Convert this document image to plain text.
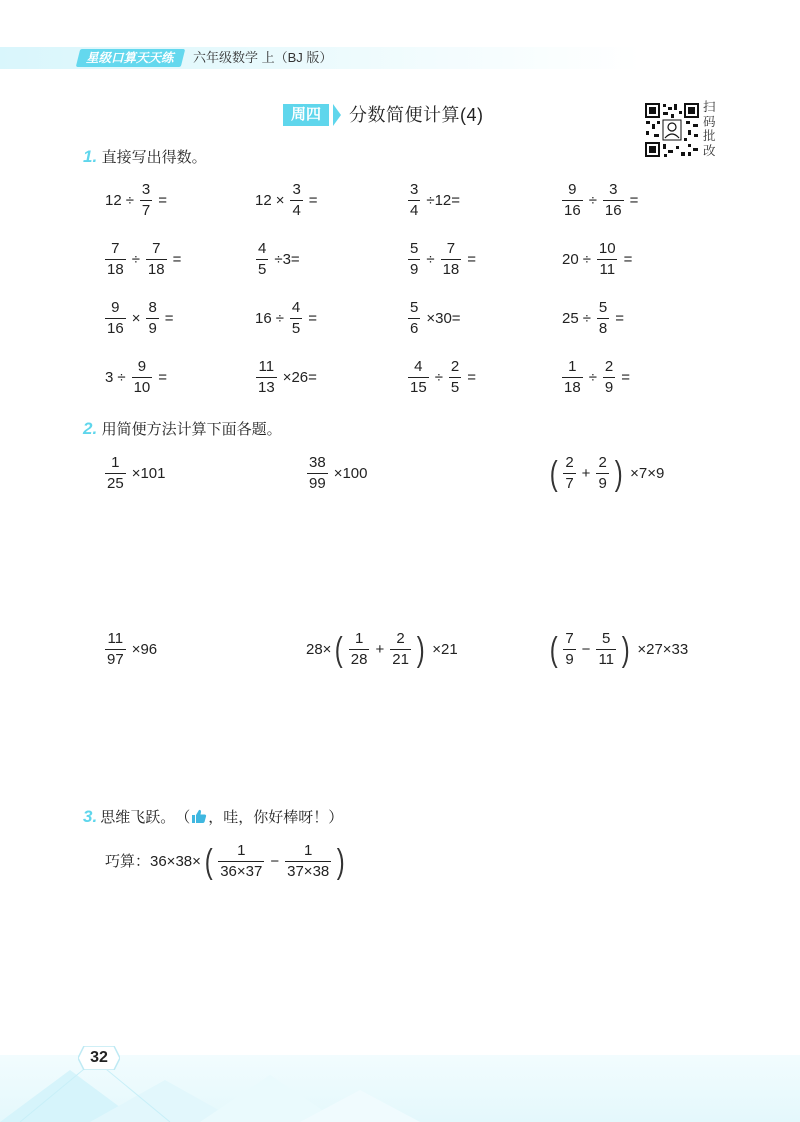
星级口算天天练	六年级数学 上（BJ 版）
周四	分数简便计算(4)	扫码批改
1. 直接写出得数。
$12 \div \frac{3}{7}$ =	$12 \times \frac{3}{4}$ =	$\frac{3}{4} \div 12=$	$\frac{9}{16} \div \frac{3}{16}$ =
$\frac{7}{18} \div \frac{7}{18}$ =	$\frac{4}{5} \div 3=$	$\frac{5}{9} \div \frac{7}{18}$ =	$20 \div \frac{10}{11}$ =
$\frac{9}{16} \times \frac{8}{9}$ =	$16 \div \frac{4}{5}$ =	$\frac{5}{6} \times 30=$	$25 \div \frac{5}{8}$ =
$3 \div \frac{9}{10}$ =	$\frac{11}{13} \times 26=$	$\frac{4}{15} \div \frac{2}{5}$ =	$\frac{1}{18} \div \frac{2}{9}$ =
2. 用简便方法计算下面各题。
$\frac{1}{25} \times 101$	$\frac{38}{99} \times 100$	( $\frac{2}{7} + \frac{2}{9}$ ) ×7×9
$\frac{11}{97} \times 96$	28× ( $\frac{1}{28} + \frac{2}{21}$ ) ×21	( $\frac{7}{9} - \frac{5}{11}$ ) ×27×33
3. 思维飞跃。 （ ，哇，你好棒呀！）
巧算：36×38× ( $\frac{1}{36\times 37} - \frac{1}{37\times 38}$ )
32
